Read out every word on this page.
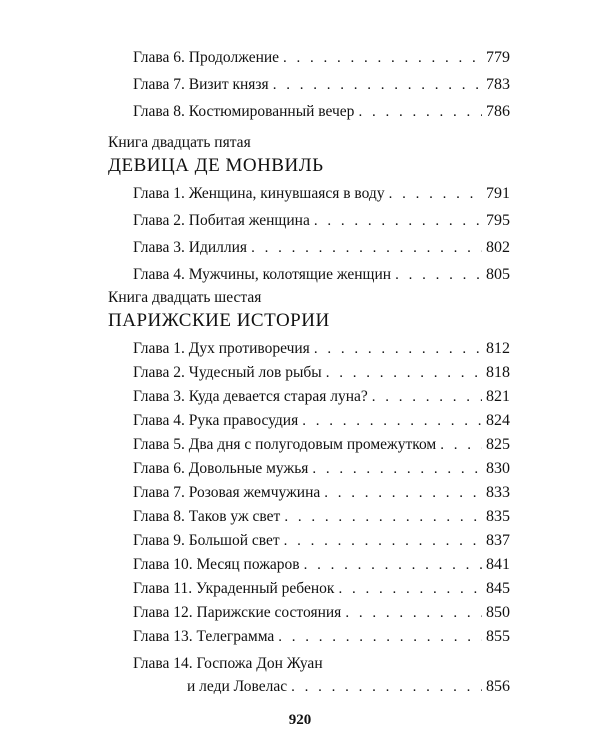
Глава 6. Продолжение . . .	779
Глава 7. Визит князя . . .	783
Глава 8. Костюмированный вечер . . .	786
Книга двадцать пятая
ДЕВИЦА ДЕ МОНВИЛЬ
Глава 1. Женщина, кинувшаяся в воду . . .	791
Глава 2. Побитая женщина . . .	795
Глава 3. Идиллия . . .	802
Глава 4. Мужчины, колотящие женщин . . .	805
Книга двадцать шестая
ПАРИЖСКИЕ ИСТОРИИ
Глава 1. Дух противоречия . . .	812
Глава 2. Чудесный лов рыбы . . .	818
Глава 3. Куда девается старая луна? . . .	821
Глава 4. Рука правосудия . . .	824
Глава 5. Два дня с полугодовым промежутком . . .	825
Глава 6. Довольные мужья . . .	830
Глава 7. Розовая жемчужина . . .	833
Глава 8. Таков уж свет . . .	835
Глава 9. Большой свет . . .	837
Глава 10. Месяц пожаров . . .	841
Глава 11. Украденный ребенок . . .	845
Глава 12. Парижские состояния . . .	850
Глава 13. Телеграмма . . .	855
Глава 14. Госпожа Дон Жуан
и леди Ловелас . . .	856
920
